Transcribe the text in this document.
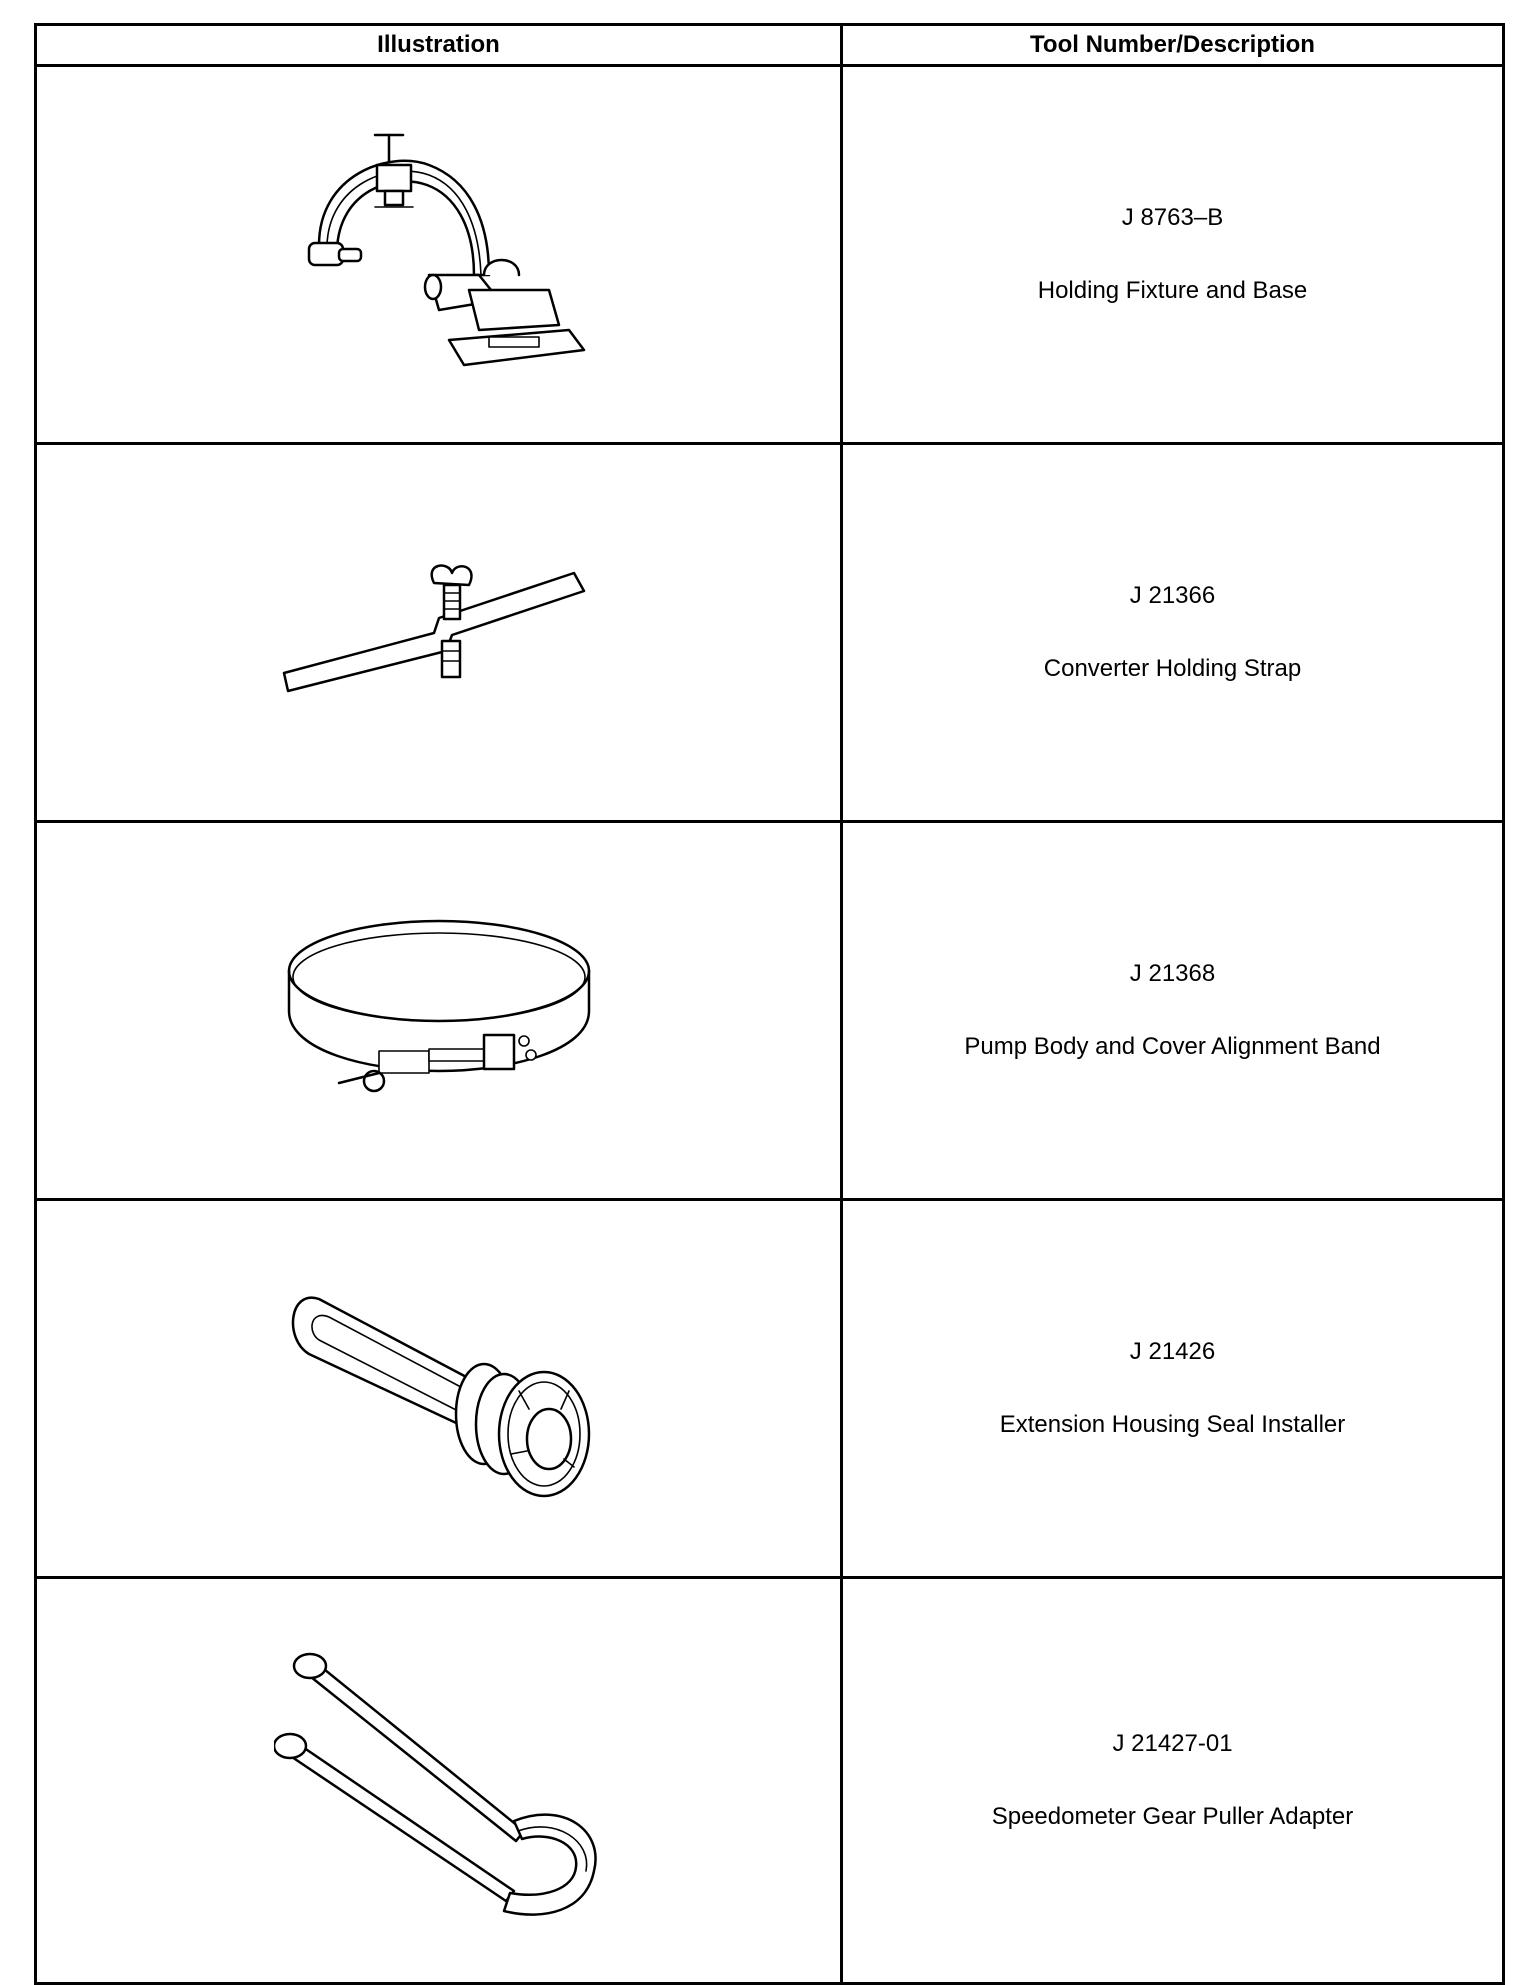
Illustration	Tool Number/Description

J 8763–B
Holding Fixture and Base

J 21366
Converter Holding Strap

J 21368
Pump Body and Cover Alignment Band

J 21426
Extension Housing Seal Installer

J 21427-01
Speedometer Gear Puller Adapter
